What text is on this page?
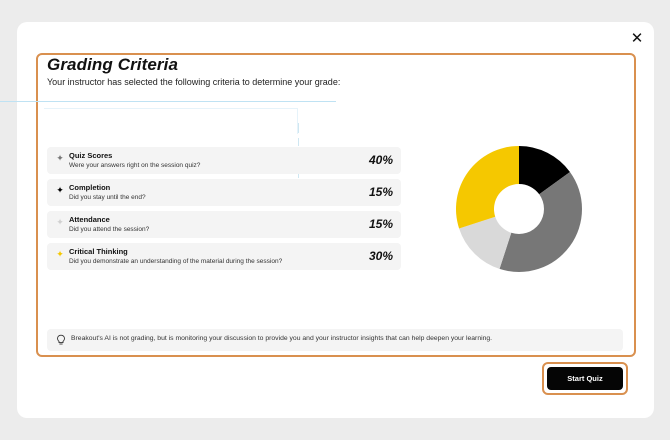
✕
Grading Criteria
Your instructor has selected the following criteria to determine your grade:
✦ Quiz Scores
Were your answers right on the session quiz?	40%
✦ Completion
Did you stay until the end?	15%
✦ Attendance
Did you attend the session?	15%
✦ Critical Thinking
Did you demonstrate an understanding of the material during the session?	30%
Breakout's AI is not grading, but is monitoring your discussion to provide you and your instructor insights that can help deepen your learning.
Start Quiz
